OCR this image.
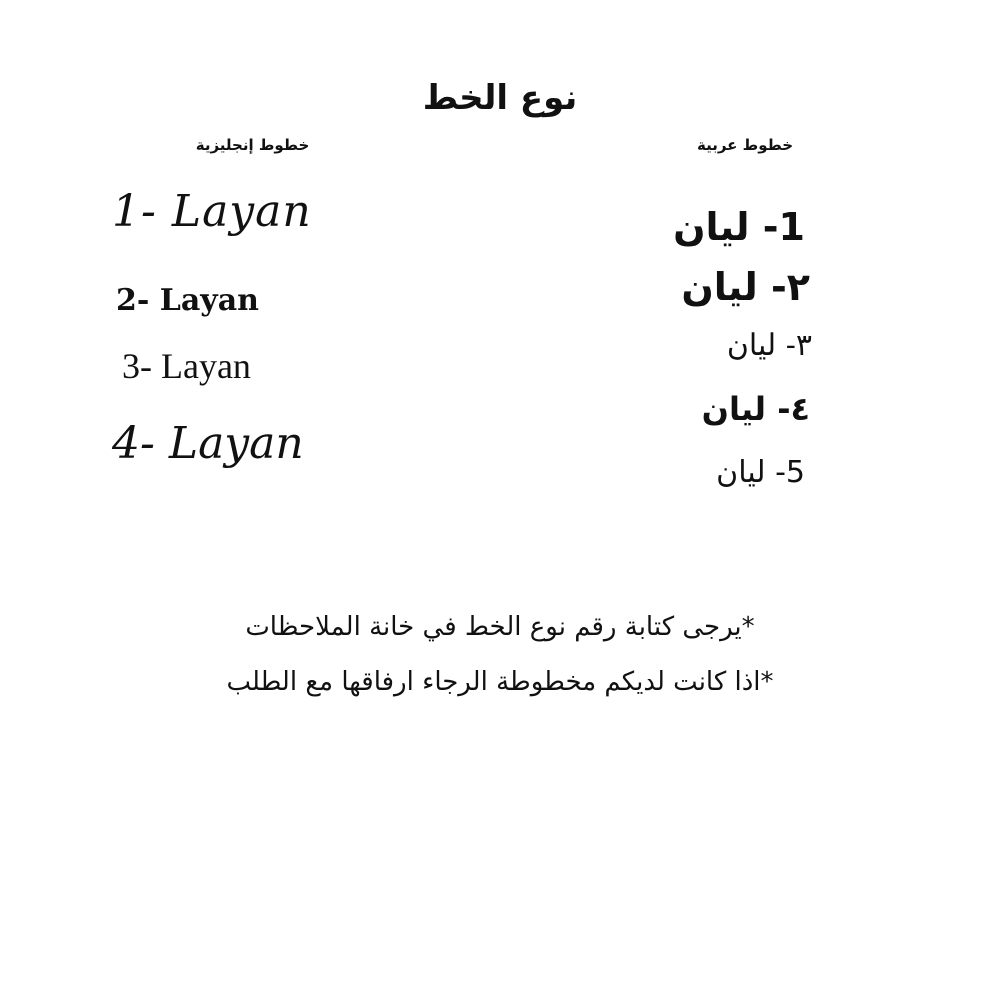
نوع الخط
خطوط إنجليزية	خطوط عربية
1- Layan
2- Layan
3- Layan
4- Layan
1- ليان
٢- ليان
٣- ليان
٤- ليان
5- ليان
*يرجى كتابة رقم نوع الخط في خانة الملاحظات
*اذا كانت لديكم مخطوطة الرجاء ارفاقها مع الطلب
